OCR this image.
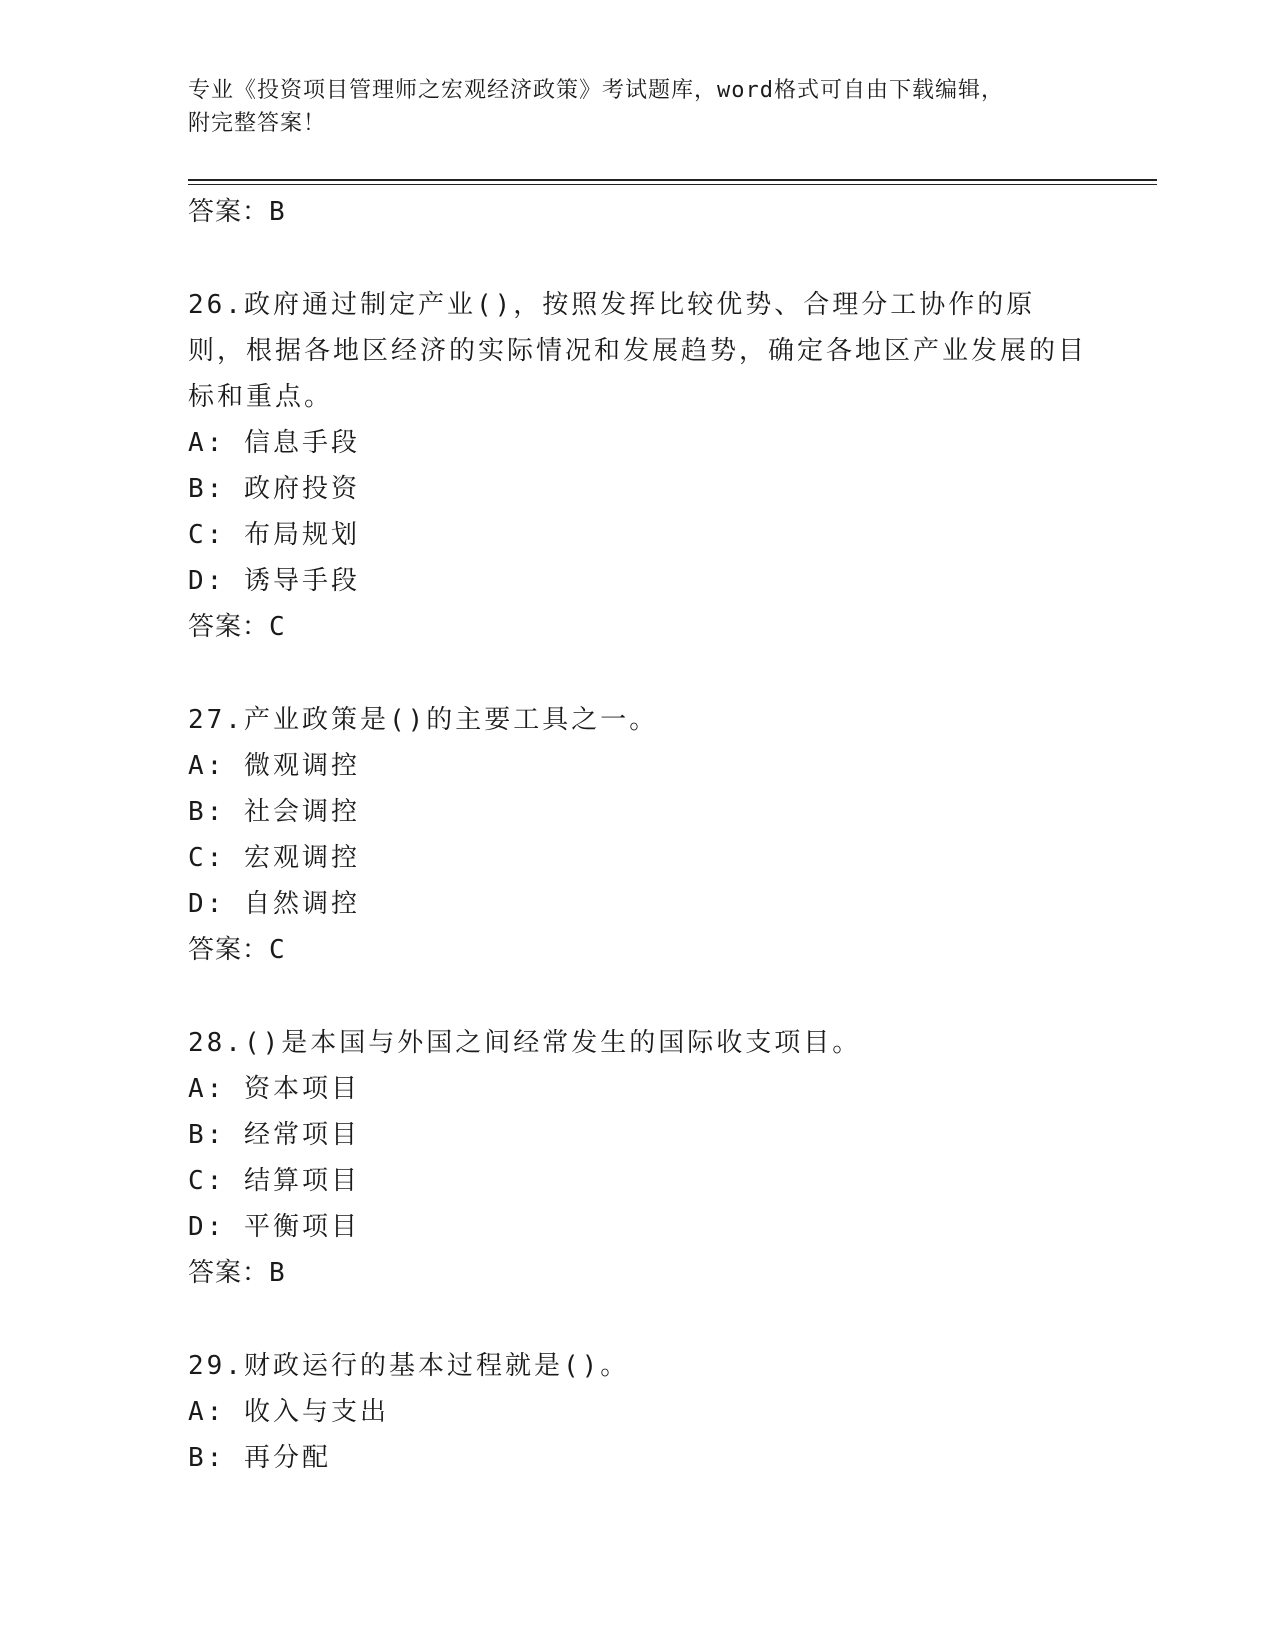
专业《投资项目管理师之宏观经济政策》考试题库，word格式可自由下载编辑，
附完整答案！
答案：B
26.政府通过制定产业()，按照发挥比较优势、合理分工协作的原则，根据各地区经济的实际情况和发展趋势，确定各地区产业发展的目标和重点。
A: 信息手段
B: 政府投资
C: 布局规划
D: 诱导手段
答案：C
27.产业政策是()的主要工具之一。
A: 微观调控
B: 社会调控
C: 宏观调控
D: 自然调控
答案：C
28.()是本国与外国之间经常发生的国际收支项目。
A: 资本项目
B: 经常项目
C: 结算项目
D: 平衡项目
答案：B
29.财政运行的基本过程就是()。
A: 收入与支出
B: 再分配
